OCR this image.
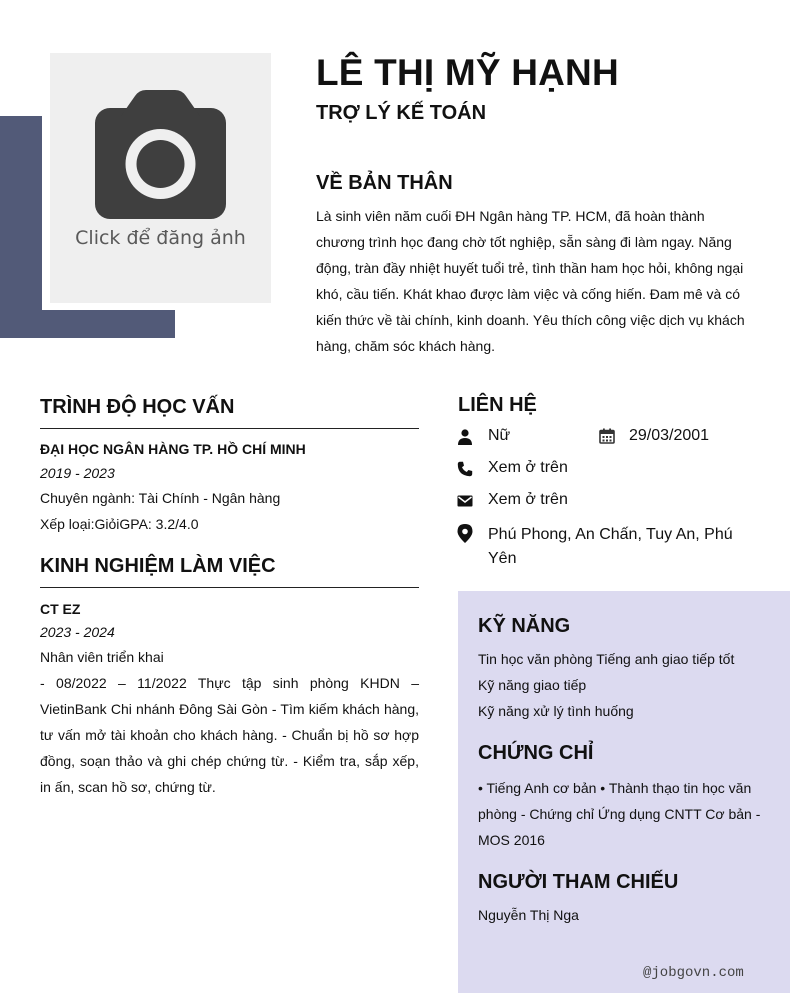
Click để đăng ảnh
LÊ THỊ MỸ HẠNH
TRỢ LÝ KẾ TOÁN
VỀ BẢN THÂN

Là sinh viên năm cuối ĐH Ngân hàng TP. HCM, đã hoàn thành chương trình học đang chờ tốt nghiệp, sẵn sàng đi làm ngay. Năng động, tràn đầy nhiệt huyết tuổi trẻ, tình thần ham học hỏi, không ngại khó, cầu tiến. Khát khao được làm việc và cống hiến. Đam mê và có kiến thức về tài chính, kinh doanh. Yêu thích công việc dịch vụ khách hàng, chăm sóc khách hàng.

TRÌNH ĐỘ HỌC VẤN
ĐẠI HỌC NGÂN HÀNG TP. HỒ CHÍ MINH
2019 - 2023
Chuyên ngành: Tài Chính - Ngân hàng
Xếp loại:GiỏiGPA: 3.2/4.0
KINH NGHIỆM LÀM VIỆC
CT EZ
2023 - 2024
Nhân viên triển khai

- 08/2022 – 11/2022 Thực tập sinh phòng KHDN – VietinBank Chi nhánh Đông Sài Gòn - Tìm kiếm khách hàng, tư vấn mở tài khoản cho khách hàng. - Chuẩn bị hồ sơ hợp đồng, soạn thảo và ghi chép chứng từ. - Kiểm tra, sắp xếp, in ấn, scan hồ sơ, chứng từ.

LIÊN HỆ
Nữ	29/03/2001
Xem ở trên
Xem ở trên
Phú Phong, An Chấn, Tuy An, Phú Yên
KỸ NĂNG
Tin học văn phòng Tiếng anh giao tiếp tốt
Kỹ năng giao tiếp
Kỹ năng xử lý tình huống
CHỨNG CHỈ

• Tiếng Anh cơ bản • Thành thạo tin học văn phòng - Chứng chỉ Ứng dụng CNTT Cơ bản - MOS 2016

NGƯỜI THAM CHIẾU
Nguyễn Thị Nga
@jobgovn.com
